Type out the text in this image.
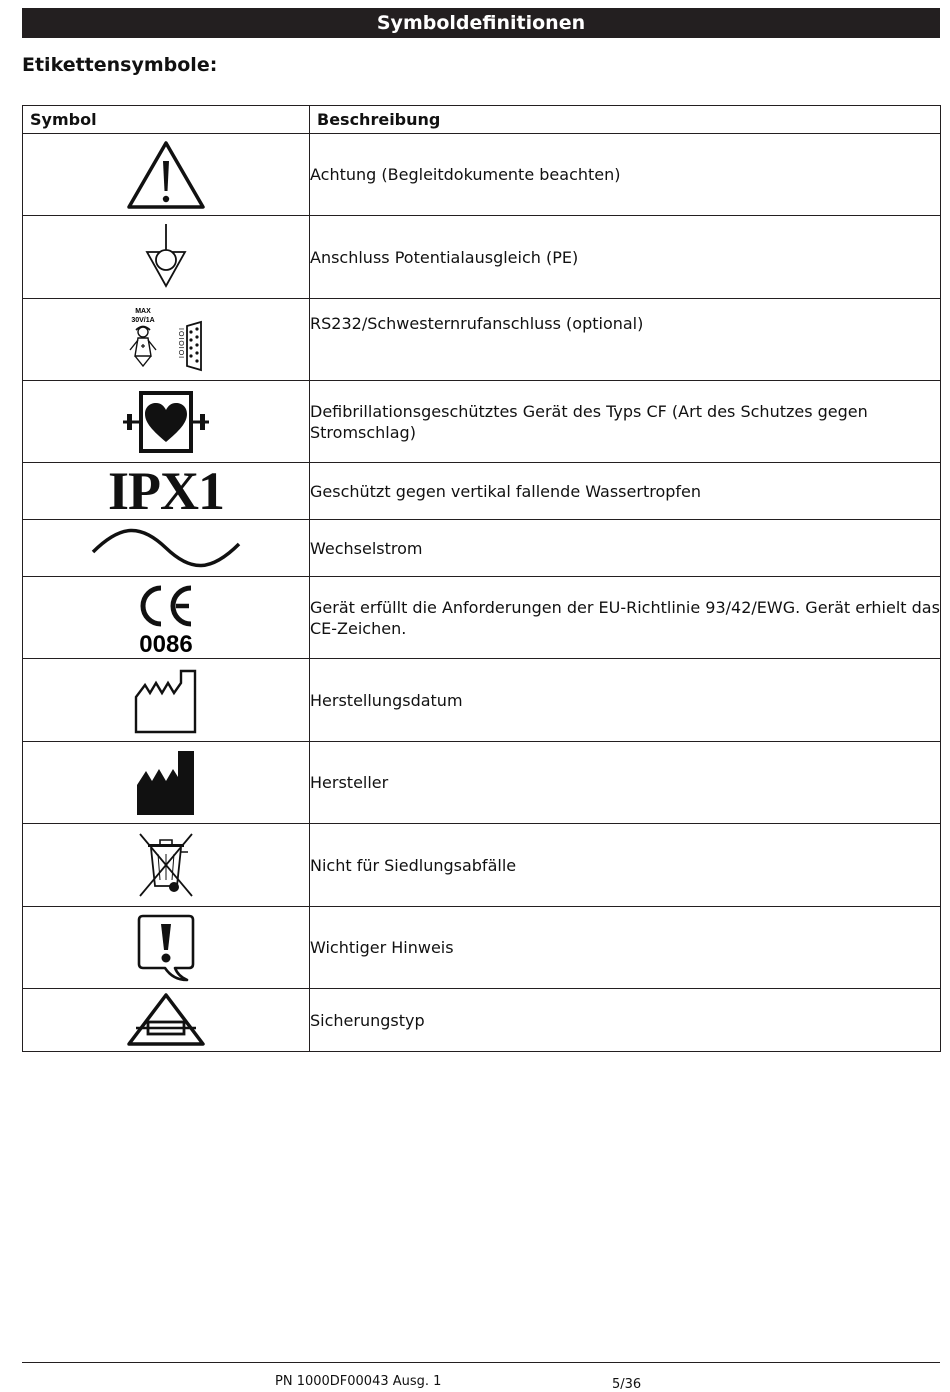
Symboldefinitionen
Etikettensymbole:
Symbol	Beschreibung

	Achtung (Begleitdokumente beachten)

	Anschluss Potentialausgleich (PE)

MAX
30V/1A
IOIOIOI	RS232/Schwesternrufanschluss (optional)

	Defibrillationsgeschütztes Gerät des Typs CF (Art des Schutzes gegen Stromschlag)

IPX1	Geschützt gegen vertikal fallende Wassertropfen

	Wechselstrom

0086	Gerät erfüllt die Anforderungen der EU-Richtlinie 93/42/EWG. Gerät erhielt das CE-Zeichen.

	Herstellungsdatum

	Hersteller

	Nicht für Siedlungsabfälle

	Wichtiger Hinweis

	Sicherungstyp
PN 1000DF00043 Ausg. 1	5/36
